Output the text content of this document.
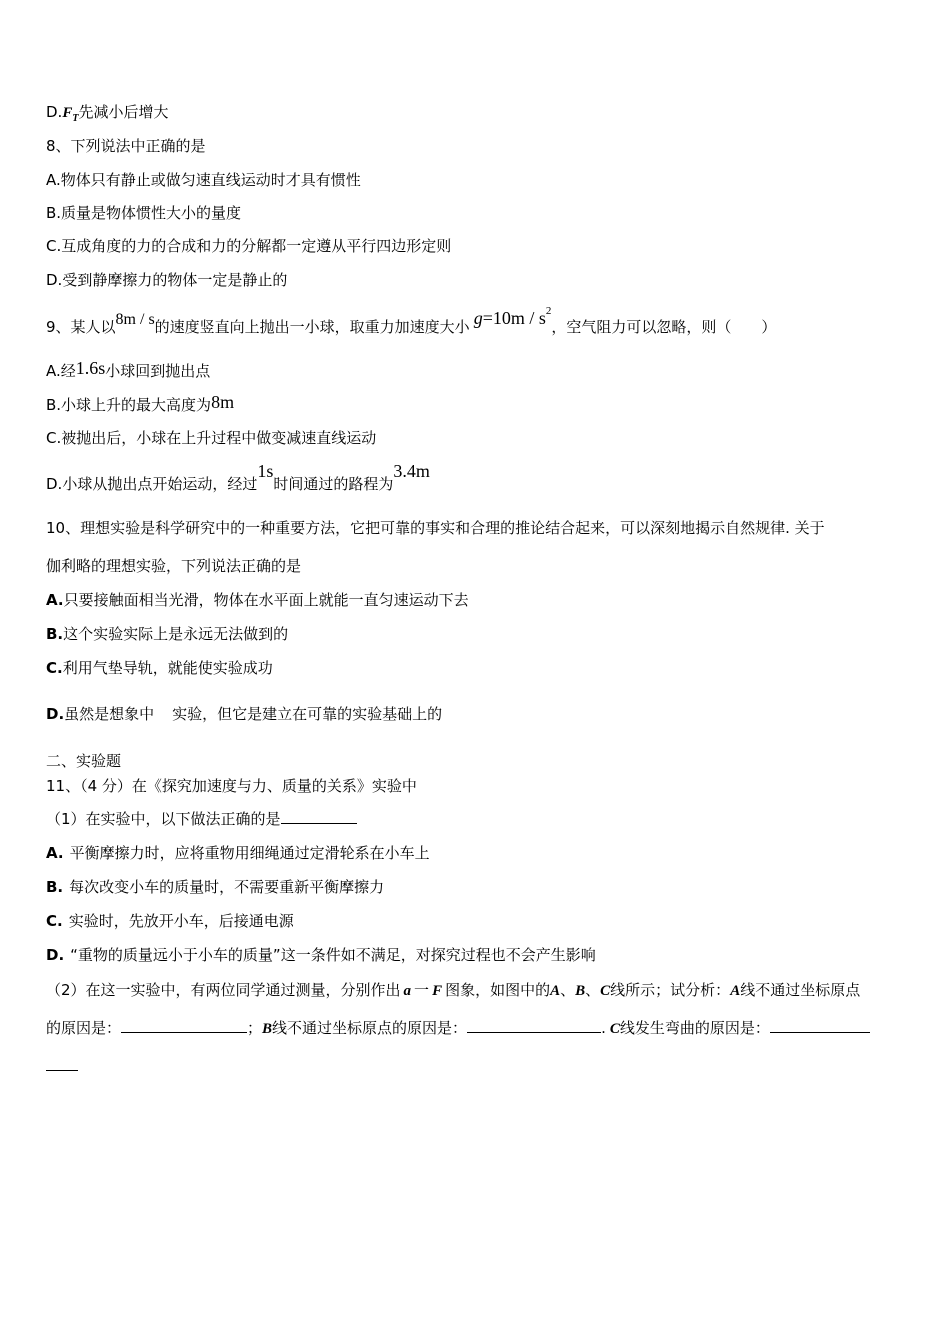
$D.F_T$先减小后增大
8、下列说法中正确的是
A.物体只有静止或做匀速直线运动时才具有惯性
B.质量是物体惯性大小的量度
C.互成角度的力的合成和力的分解都一定遵从平行四边形定则
D.受到静摩擦力的物体一定是静止的
9、某人以8m / s的速度竖直向上抛出一小球，取重力加速度大小 $g=10m / s^2$，空气阻力可以忽略，则（　　）
A.经1.6s小球回到抛出点
B.小球上升的最大高度为8m
C.被抛出后，小球在上升过程中做变减速直线运动
D.小球从抛出点开始运动，经过1s时间通过的路程为3.4m
10、理想实验是科学研究中的一种重要方法，它把可靠的事实和合理的推论结合起来，可以深刻地揭示自然规律. 关于
伽利略的理想实验，下列说法正确的是
A.只要接触面相当光滑，物体在水平面上就能一直匀速运动下去
B.这个实验实际上是永远无法做到的
C.利用气垫导轨，就能使实验成功
D.虽然是想象中 实验，但它是建立在可靠的实验基础上的
二、实验题
11、（4 分）在《探究加速度与力、质量的关系》实验中
（1）在实验中，以下做法正确的是
A. 平衡摩擦力时，应将重物用细绳通过定滑轮系在小车上
B. 每次改变小车的质量时，不需要重新平衡摩擦力
C. 实验时，先放开小车，后接通电源
D. “重物的质量远小于小车的质量”这一条件如不满足，对探究过程也不会产生影响
（2）在这一实验中，有两位同学通过测量，分别作出 a 一 F 图象，如图中的A、B、C线所示；试分析：A线不通过坐标原点
的原因是：	；B线不通过坐标原点的原因是：	. C线发生弯曲的原因是：
